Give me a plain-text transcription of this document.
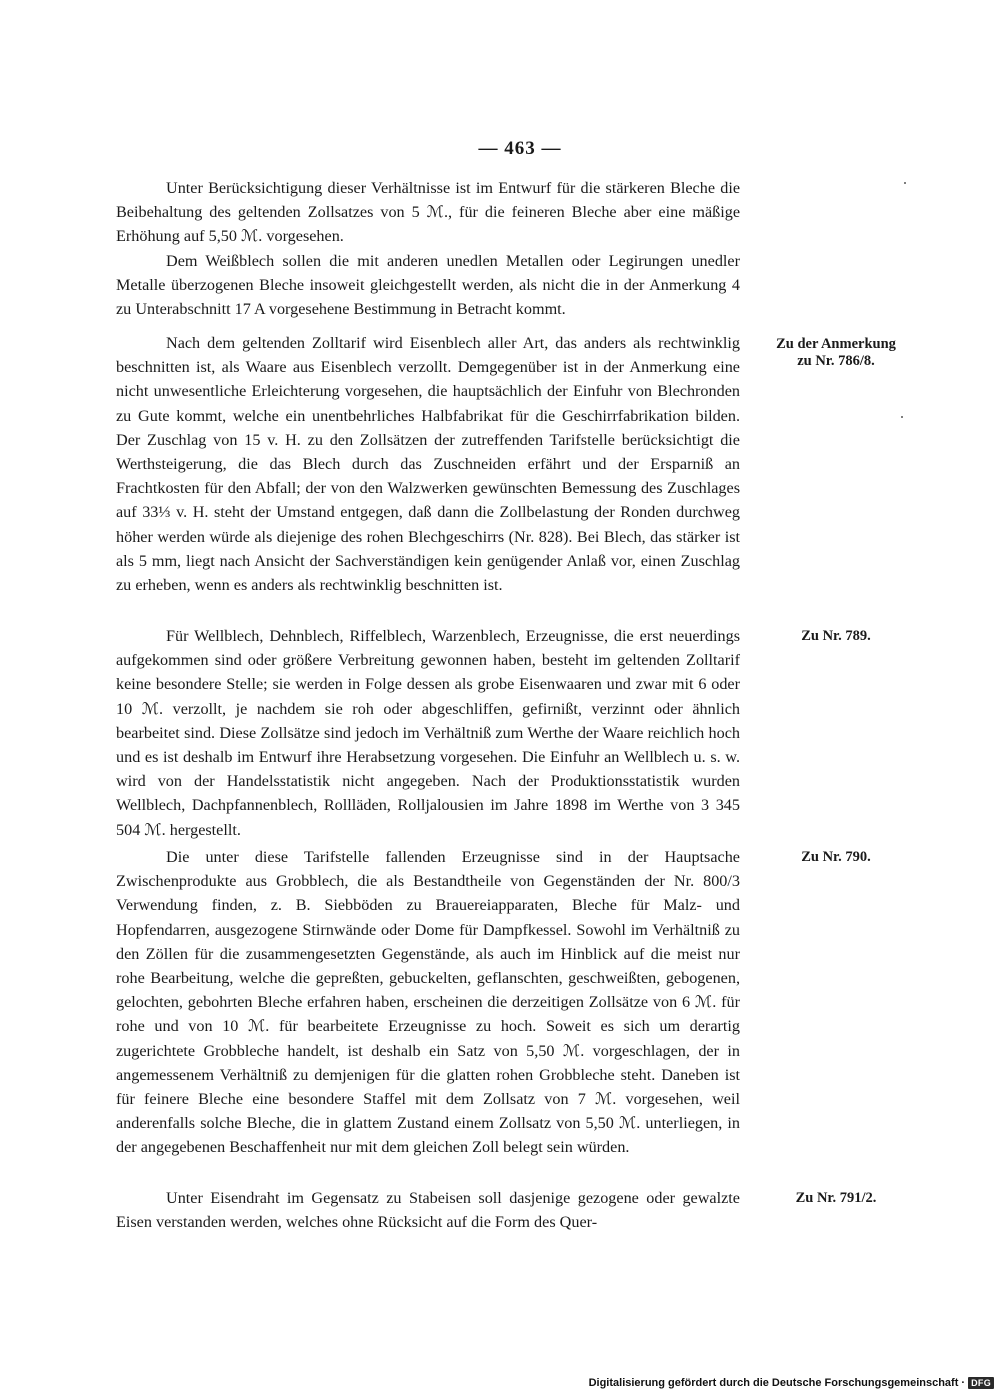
— 463 —

Unter Berücksichtigung dieser Verhältnisse ist im Entwurf für die stärkeren Bleche die Beibehaltung des geltenden Zollsatzes von 5 ℳ., für die feineren Bleche aber eine mäßige Erhöhung auf 5,50 ℳ. vorgesehen.

Dem Weißblech sollen die mit anderen unedlen Metallen oder Legirungen unedler Metalle überzogenen Bleche insoweit gleichgestellt werden, als nicht die in der Anmerkung 4 zu Unterabschnitt 17 A vorgesehene Bestimmung in Betracht kommt.

Nach dem geltenden Zolltarif wird Eisenblech aller Art, das anders als rechtwinklig beschnitten ist, als Waare aus Eisenblech verzollt. Demgegenüber ist in der Anmerkung eine nicht unwesentliche Erleichterung vorgesehen, die hauptsächlich der Einfuhr von Blechronden zu Gute kommt, welche ein unentbehrliches Halbfabrikat für die Geschirrfabrikation bilden. Der Zuschlag von 15 v. H. zu den Zollsätzen der zutreffenden Tarifstelle berücksichtigt die Werthsteigerung, die das Blech durch das Zuschneiden erfährt und der Ersparniß an Frachtkosten für den Abfall; der von den Walzwerken gewünschten Bemessung des Zuschlages auf 33⅓ v. H. steht der Umstand entgegen, daß dann die Zollbelastung der Ronden durchweg höher werden würde als diejenige des rohen Blechgeschirrs (Nr. 828). Bei Blech, das stärker ist als 5 mm, liegt nach Ansicht der Sachverständigen kein genügender Anlaß vor, einen Zuschlag zu erheben, wenn es anders als rechtwinklig beschnitten ist.

Für Wellblech, Dehnblech, Riffelblech, Warzenblech, Erzeugnisse, die erst neuerdings aufgekommen sind oder größere Verbreitung gewonnen haben, besteht im geltenden Zolltarif keine besondere Stelle; sie werden in Folge dessen als grobe Eisenwaaren und zwar mit 6 oder 10 ℳ. verzollt, je nachdem sie roh oder abgeschliffen, gefirnißt, verzinnt oder ähnlich bearbeitet sind. Diese Zollsätze sind jedoch im Verhältniß zum Werthe der Waare reichlich hoch und es ist deshalb im Entwurf ihre Herabsetzung vorgesehen. Die Einfuhr an Wellblech u. s. w. wird von der Handelsstatistik nicht angegeben. Nach der Produktionsstatistik wurden Wellblech, Dachpfannenblech, Rollläden, Rolljalousien im Jahre 1898 im Werthe von 3 345 504 ℳ. hergestellt.

Die unter diese Tarifstelle fallenden Erzeugnisse sind in der Hauptsache Zwischenprodukte aus Grobblech, die als Bestandtheile von Gegenständen der Nr. 800/3 Verwendung finden, z. B. Siebböden zu Brauereiapparaten, Bleche für Malz- und Hopfendarren, ausgezogene Stirnwände oder Dome für Dampfkessel. Sowohl im Verhältniß zu den Zöllen für die zusammengesetzten Gegenstände, als auch im Hinblick auf die meist nur rohe Bearbeitung, welche die gepreßten, gebuckelten, geflanschten, geschweißten, gebogenen, gelochten, gebohrten Bleche erfahren haben, erscheinen die derzeitigen Zollsätze von 6 ℳ. für rohe und von 10 ℳ. für bearbeitete Erzeugnisse zu hoch. Soweit es sich um derartig zugerichtete Grobbleche handelt, ist deshalb ein Satz von 5,50 ℳ. vorgeschlagen, der in angemessenem Verhältniß zu demjenigen für die glatten rohen Grobbleche steht. Daneben ist für feinere Bleche eine besondere Staffel mit dem Zollsatz von 7 ℳ. vorgesehen, weil anderenfalls solche Bleche, die in glattem Zustand einem Zollsatz von 5,50 ℳ. unterliegen, in der angegebenen Beschaffenheit nur mit dem gleichen Zoll belegt sein würden.

Unter Eisendraht im Gegensatz zu Stabeisen soll dasjenige gezogene oder gewalzte Eisen verstanden werden, welches ohne Rücksicht auf die Form des Quer-

Zu der Anmerkung
zu Nr. 786/8.
Zu Nr. 789.
Zu Nr. 790.
Zu Nr. 791/2.
Digitalisierung gefördert durch die Deutsche Forschungsgemeinschaft · DFG
